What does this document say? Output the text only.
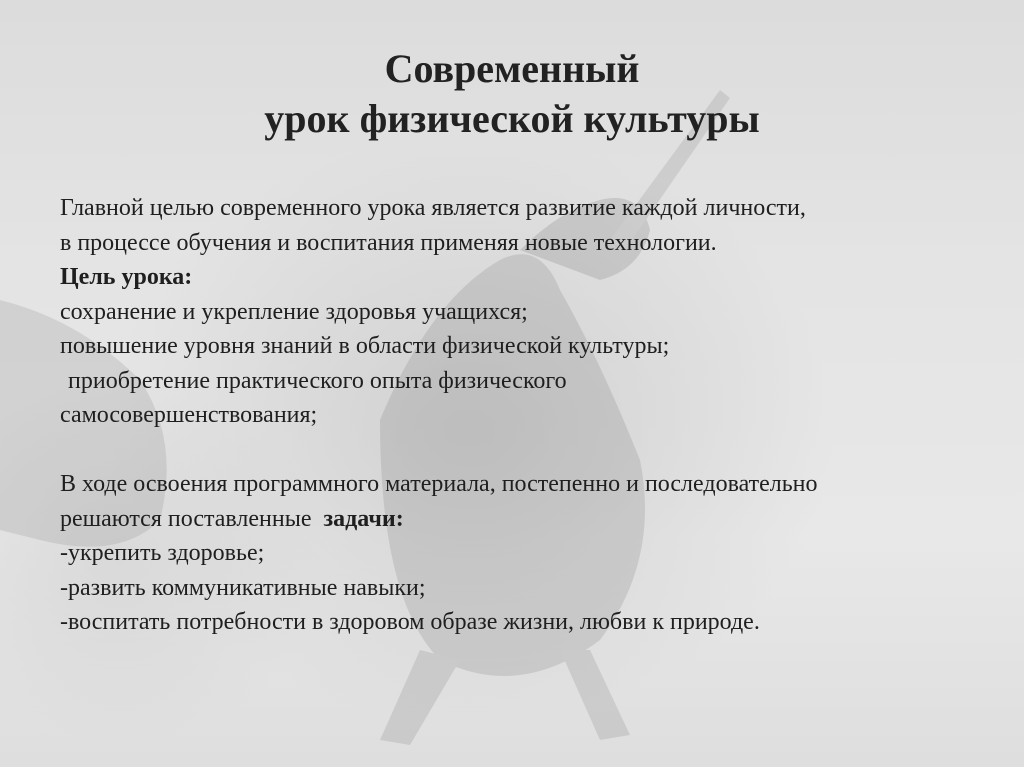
Современный
урок физической культуры
Главной целью современного урока является развитие каждой личности,
в процессе обучения и воспитания применяя новые технологии.
Цель урока:
сохранение и укрепление здоровья учащихся;
повышение уровня знаний в области физической культуры;
приобретение практического опыта физического
самосовершенствования;
В ходе освоения программного материала, постепенно и последовательно
решаются поставленные задачи:
-укрепить здоровье;
-развить коммуникативные навыки;
-воспитать потребности в здоровом образе жизни, любви к природе.
